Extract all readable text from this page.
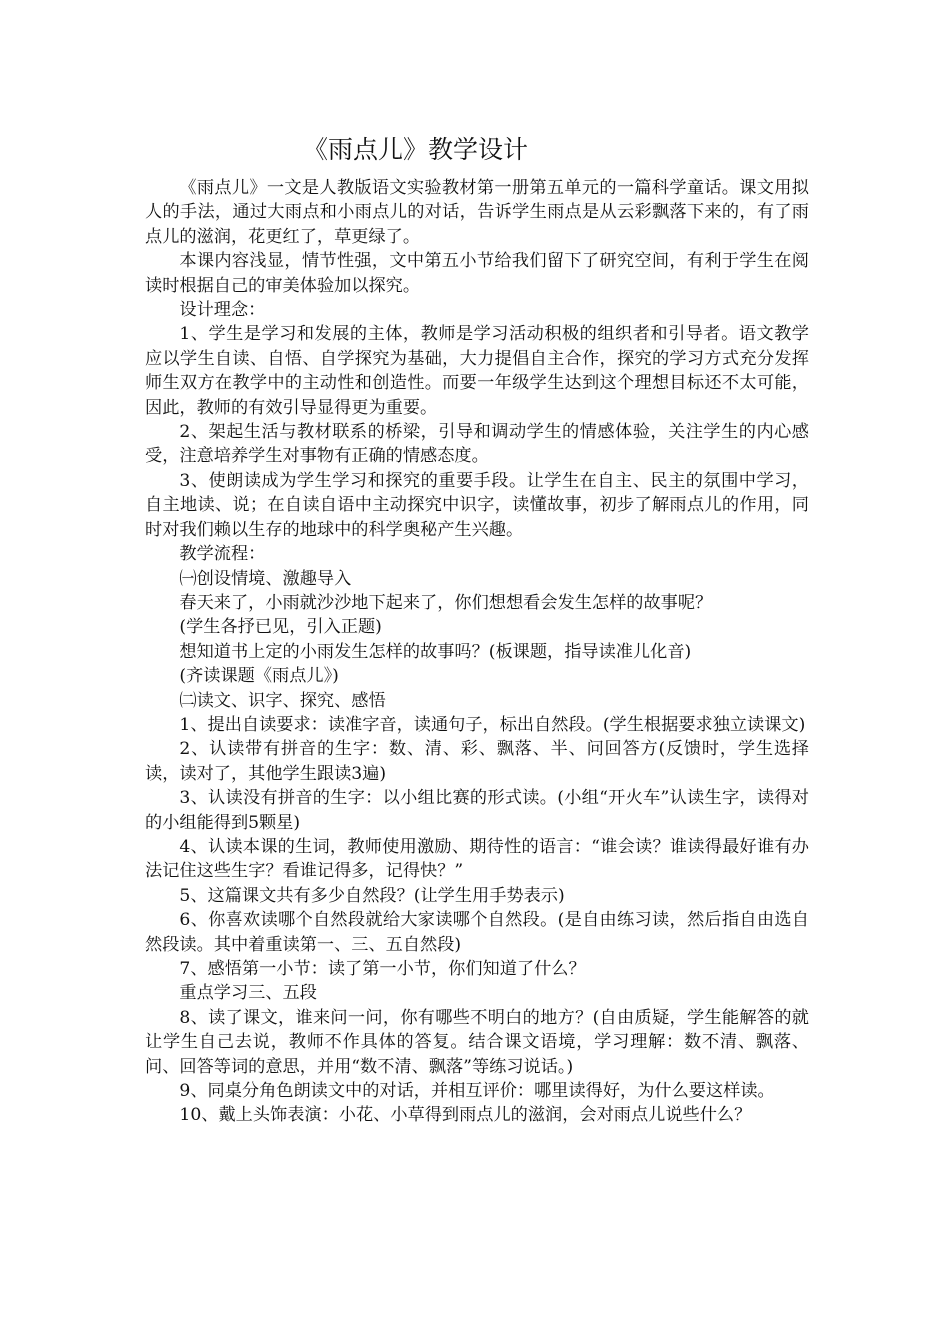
《雨点儿》教学设计

《雨点儿》一文是人教版语文实验教材第一册第五单元的一篇科学童话。课文用拟人的手法，通过大雨点和小雨点儿的对话，告诉学生雨点是从云彩飘落下来的，有了雨点儿的滋润，花更红了，草更绿了。

本课内容浅显，情节性强，文中第五小节给我们留下了研究空间，有利于学生在阅读时根据自己的审美体验加以探究。

设计理念：

1、学生是学习和发展的主体，教师是学习活动积极的组织者和引导者。语文教学应以学生自读、自悟、自学探究为基础，大力提倡自主合作，探究的学习方式充分发挥师生双方在教学中的主动性和创造性。而要一年级学生达到这个理想目标还不太可能，因此，教师的有效引导显得更为重要。

2、架起生活与教材联系的桥梁，引导和调动学生的情感体验，关注学生的内心感受，注意培养学生对事物有正确的情感态度。

3、使朗读成为学生学习和探究的重要手段。让学生在自主、民主的氛围中学习，自主地读、说；在自读自语中主动探究中识字，读懂故事，初步了解雨点儿的作用，同时对我们赖以生存的地球中的科学奥秘产生兴趣。

教学流程：

㈠创设情境、激趣导入

春天来了，小雨就沙沙地下起来了，你们想想看会发生怎样的故事呢？

(学生各抒已见，引入正题)

想知道书上定的小雨发生怎样的故事吗？(板课题，指导读准儿化音)

(齐读课题《雨点儿》)

㈡读文、识字、探究、感悟

1、提出自读要求：读准字音，读通句子，标出自然段。(学生根据要求独立读课文)

2、认读带有拼音的生字：数、清、彩、飘落、半、问回答方(反馈时，学生选择读，读对了，其他学生跟读3遍)

3、认读没有拼音的生字：以小组比赛的形式读。(小组“开火车”认读生字，读得对的小组能得到5颗星)

4、认读本课的生词，教师使用激励、期待性的语言：“谁会读？谁读得最好谁有办法记住这些生字？看谁记得多，记得快？”

5、这篇课文共有多少自然段？(让学生用手势表示)

6、你喜欢读哪个自然段就给大家读哪个自然段。(是自由练习读，然后指自由选自然段读。其中着重读第一、三、五自然段)

7、感悟第一小节：读了第一小节，你们知道了什么？

重点学习三、五段

8、读了课文，谁来问一问，你有哪些不明白的地方？(自由质疑，学生能解答的就让学生自己去说，教师不作具体的答复。结合课文语境，学习理解：数不清、飘落、问、回答等词的意思，并用“数不清、飘落”等练习说话。)

9、同桌分角色朗读文中的对话，并相互评价：哪里读得好，为什么要这样读。

10、戴上头饰表演：小花、小草得到雨点儿的滋润，会对雨点儿说些什么？
